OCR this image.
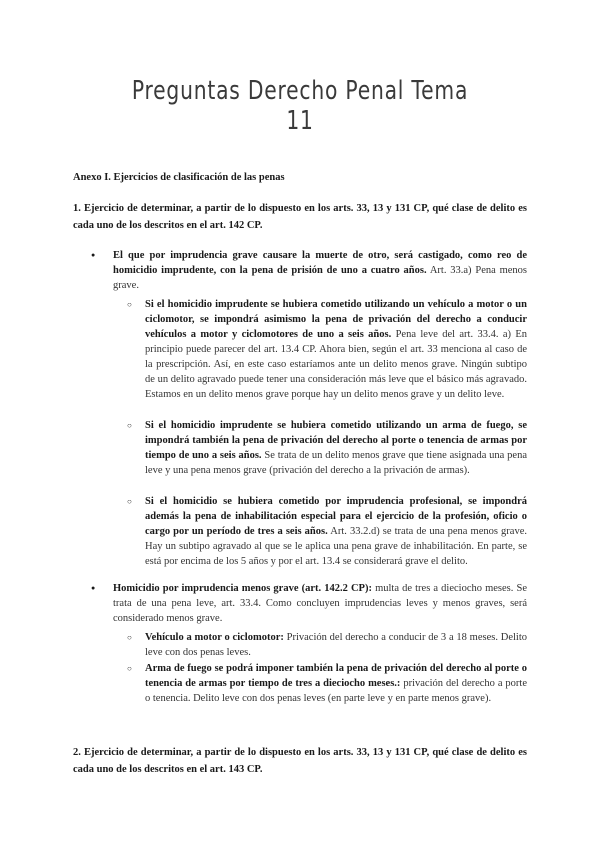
Preguntas Derecho Penal Tema 11

Anexo I. Ejercicios de clasificación de las penas

1. Ejercicio de determinar, a partir de lo dispuesto en los arts. 33, 13 y 131 CP, qué clase de delito es cada uno de los descritos en el art. 142 CP.

● El que por imprudencia grave causare la muerte de otro, será castigado, como reo de homicidio imprudente, con la pena de prisión de uno a cuatro años. Art. 33.a) Pena menos grave.
○ Si el homicidio imprudente se hubiera cometido utilizando un vehículo a motor o un ciclomotor, se impondrá asimismo la pena de privación del derecho a conducir vehículos a motor y ciclomotores de uno a seis años. Pena leve del art. 33.4. a) En principio puede parecer del art. 13.4 CP. Ahora bien, según el art. 33 menciona al caso de la prescripción. Así, en este caso estaríamos ante un delito menos grave. Ningún subtipo de un delito agravado puede tener una consideración más leve que el básico más agravado. Estamos en un delito menos grave porque hay un delito menos grave y un delito leve.
○ Si el homicidio imprudente se hubiera cometido utilizando un arma de fuego, se impondrá también la pena de privación del derecho al porte o tenencia de armas por tiempo de uno a seis años. Se trata de un delito menos grave que tiene asignada una pena leve y una pena menos grave (privación del derecho a la privación de armas).
○ Si el homicidio se hubiera cometido por imprudencia profesional, se impondrá además la pena de inhabilitación especial para el ejercicio de la profesión, oficio o cargo por un período de tres a seis años. Art. 33.2.d) se trata de una pena menos grave. Hay un subtipo agravado al que se le aplica una pena grave de inhabilitación. En parte, se está por encima de los 5 años y por el art. 13.4 se considerará grave el delito.
● Homicidio por imprudencia menos grave (art. 142.2 CP): multa de tres a dieciocho meses. Se trata de una pena leve, art. 33.4. Como concluyen imprudencias leves y menos graves, será considerado menos grave.
○ Vehículo a motor o ciclomotor: Privación del derecho a conducir de 3 a 18 meses. Delito leve con dos penas leves.
○ Arma de fuego se podrá imponer también la pena de privación del derecho al porte o tenencia de armas por tiempo de tres a dieciocho meses.: privación del derecho a porte o tenencia. Delito leve con dos penas leves (en parte leve y en parte menos grave).

2. Ejercicio de determinar, a partir de lo dispuesto en los arts. 33, 13 y 131 CP, qué clase de delito es cada uno de los descritos en el art. 143 CP.
